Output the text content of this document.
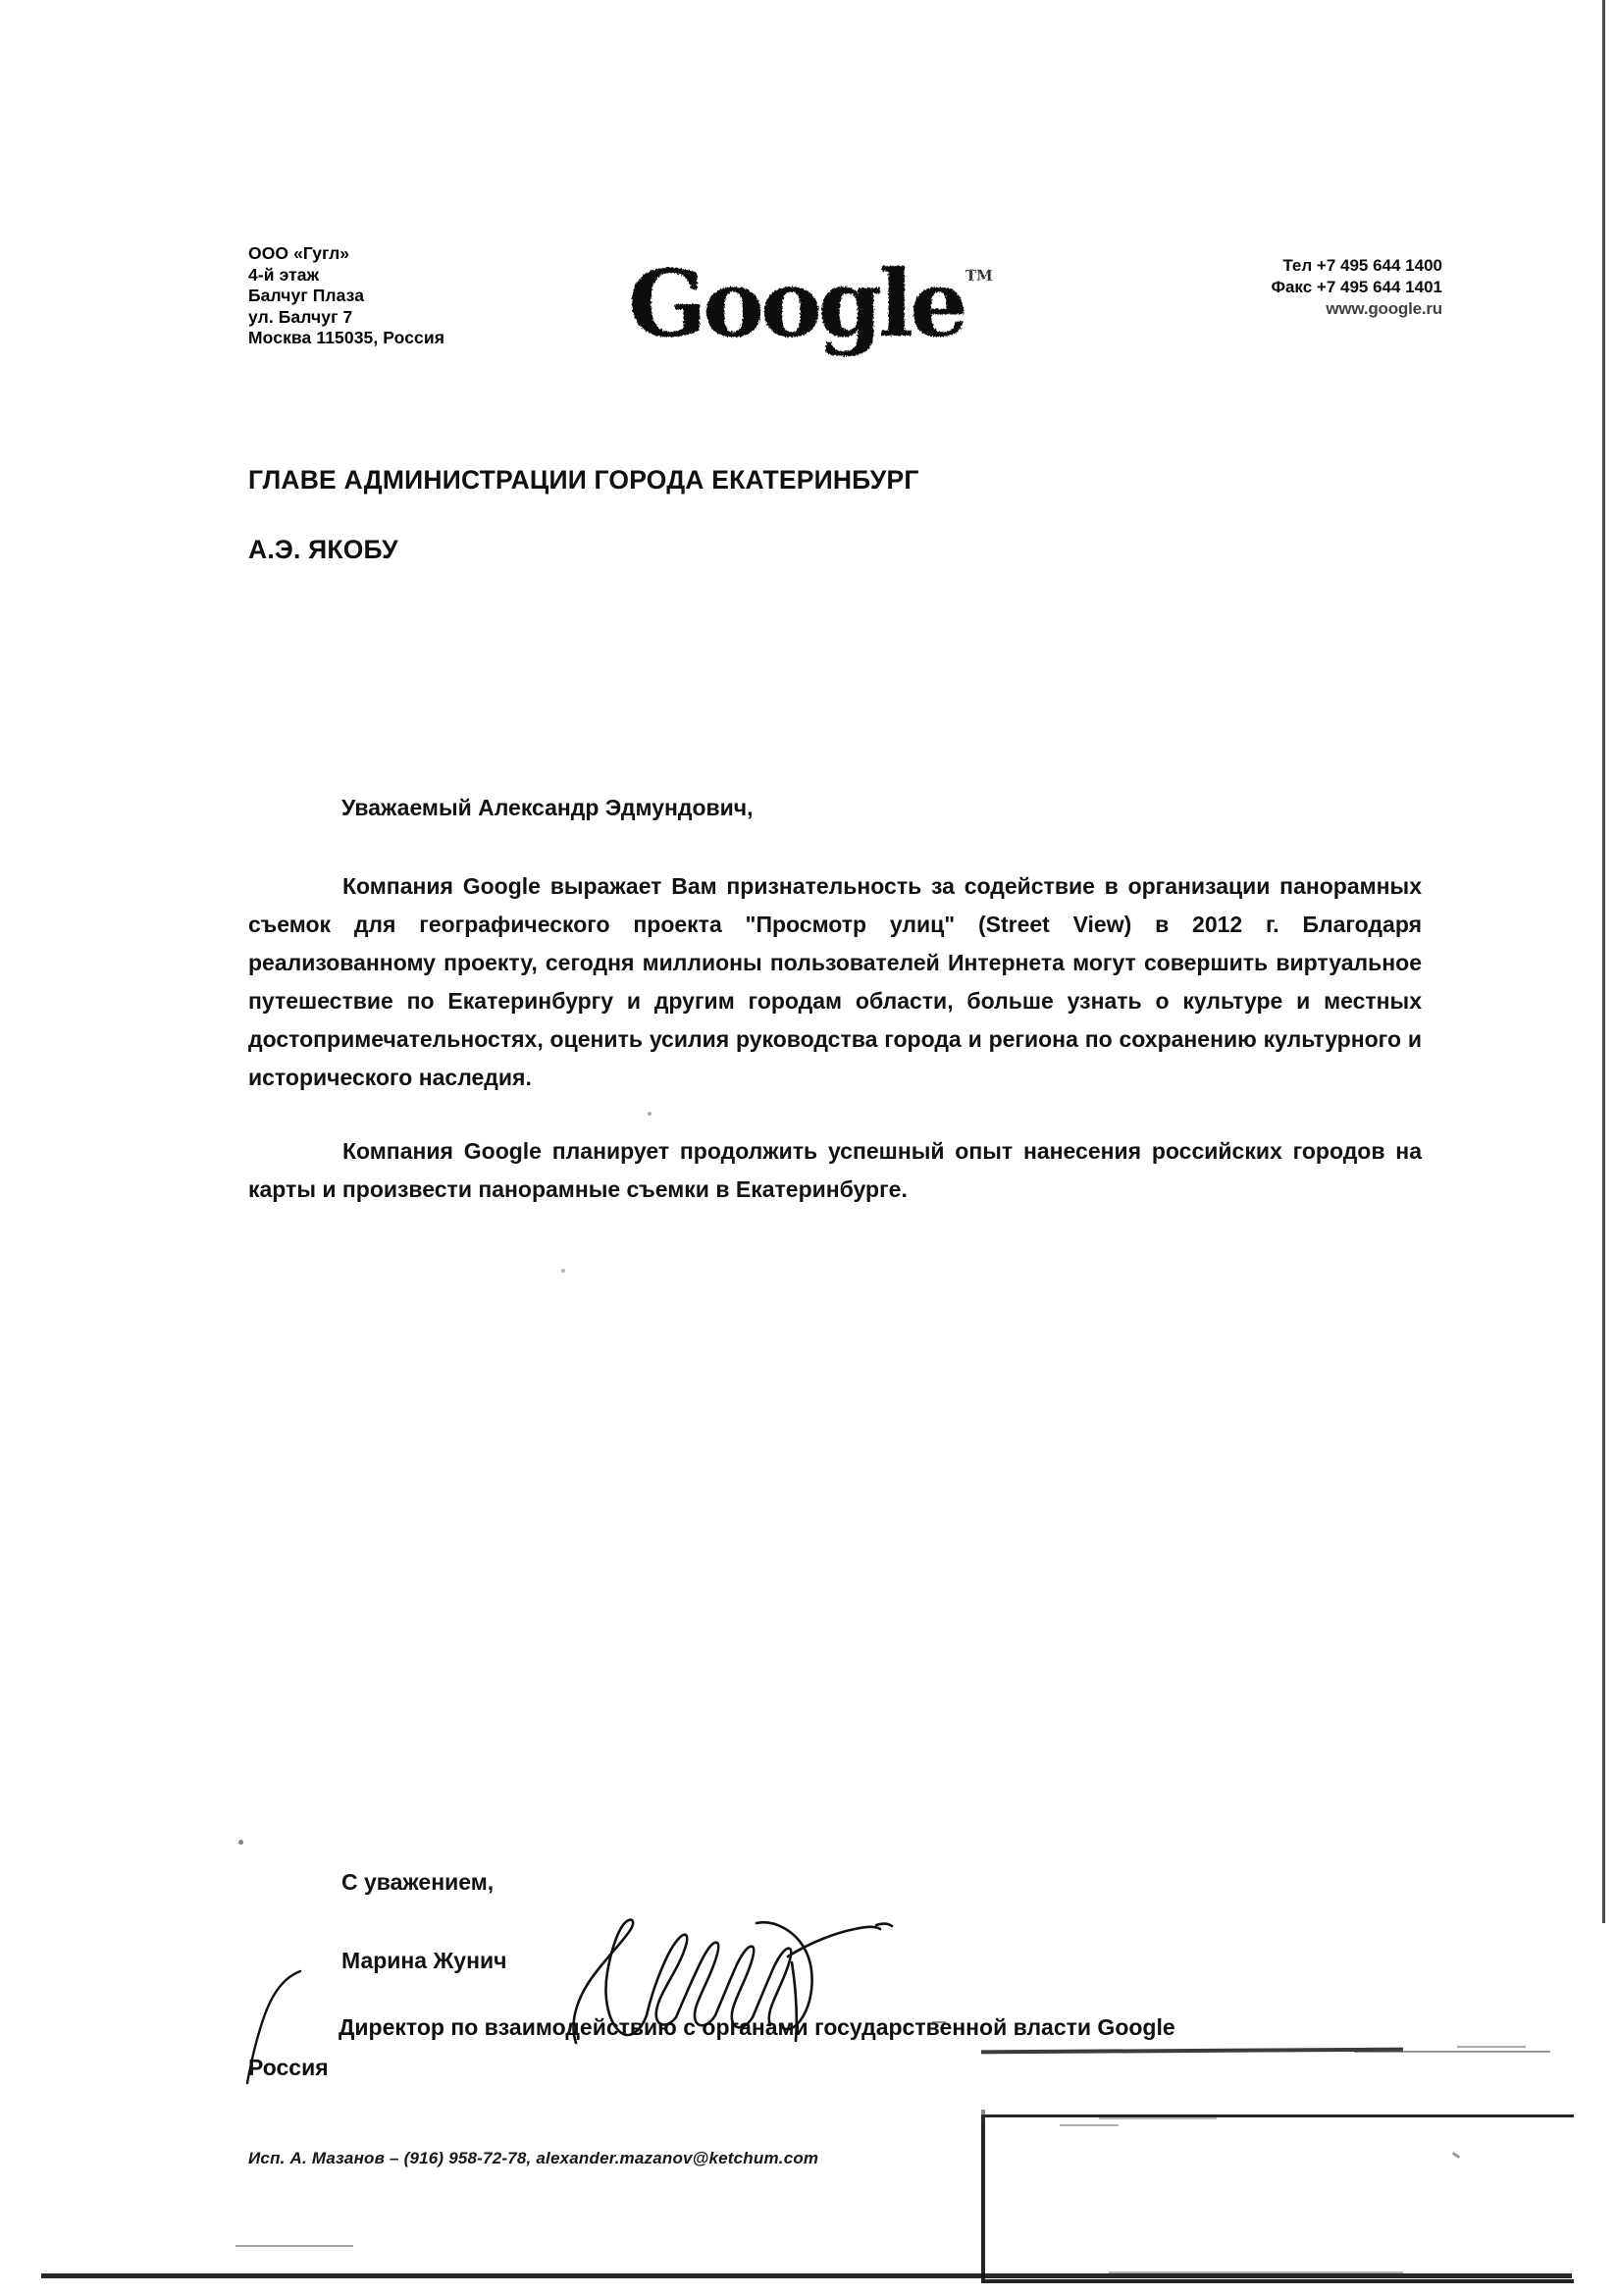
OOO «Гугл»
4-й этаж
Балчуг Плаза
ул. Балчуг 7
Москва 115035, Россия
Тел +7 495 644 1400
Факс +7 495 644 1401
www.google.ru
Google TM
ГЛАВЕ АДМИНИСТРАЦИИ ГОРОДА ЕКАТЕРИНБУРГ
А.Э. ЯКОБУ
Уважаемый Александр Эдмундович,

Компания Google выражает Вам признательность за содействие в организации панорамных съемок для географического проекта "Просмотр улиц" (Street View) в 2012 г. Благодаря реализованному проекту, сегодня миллионы пользователей Интернета могут совершить виртуальное путешествие по Екатеринбургу и другим городам области, больше узнать о культуре и местных достопримечательностях, оценить усилия руководства города и региона по сохранению культурного и исторического наследия.

Компания Google планирует продолжить успешный опыт нанесения российских городов на карты и произвести панорамные съемки в Екатеринбурге.

С уважением,
Марина Жунич
Директор по взаимодействию с органами государственной власти Google
Россия
Исп. А. Мазанов – (916) 958-72-78, alexander.mazanov@ketchum.com
